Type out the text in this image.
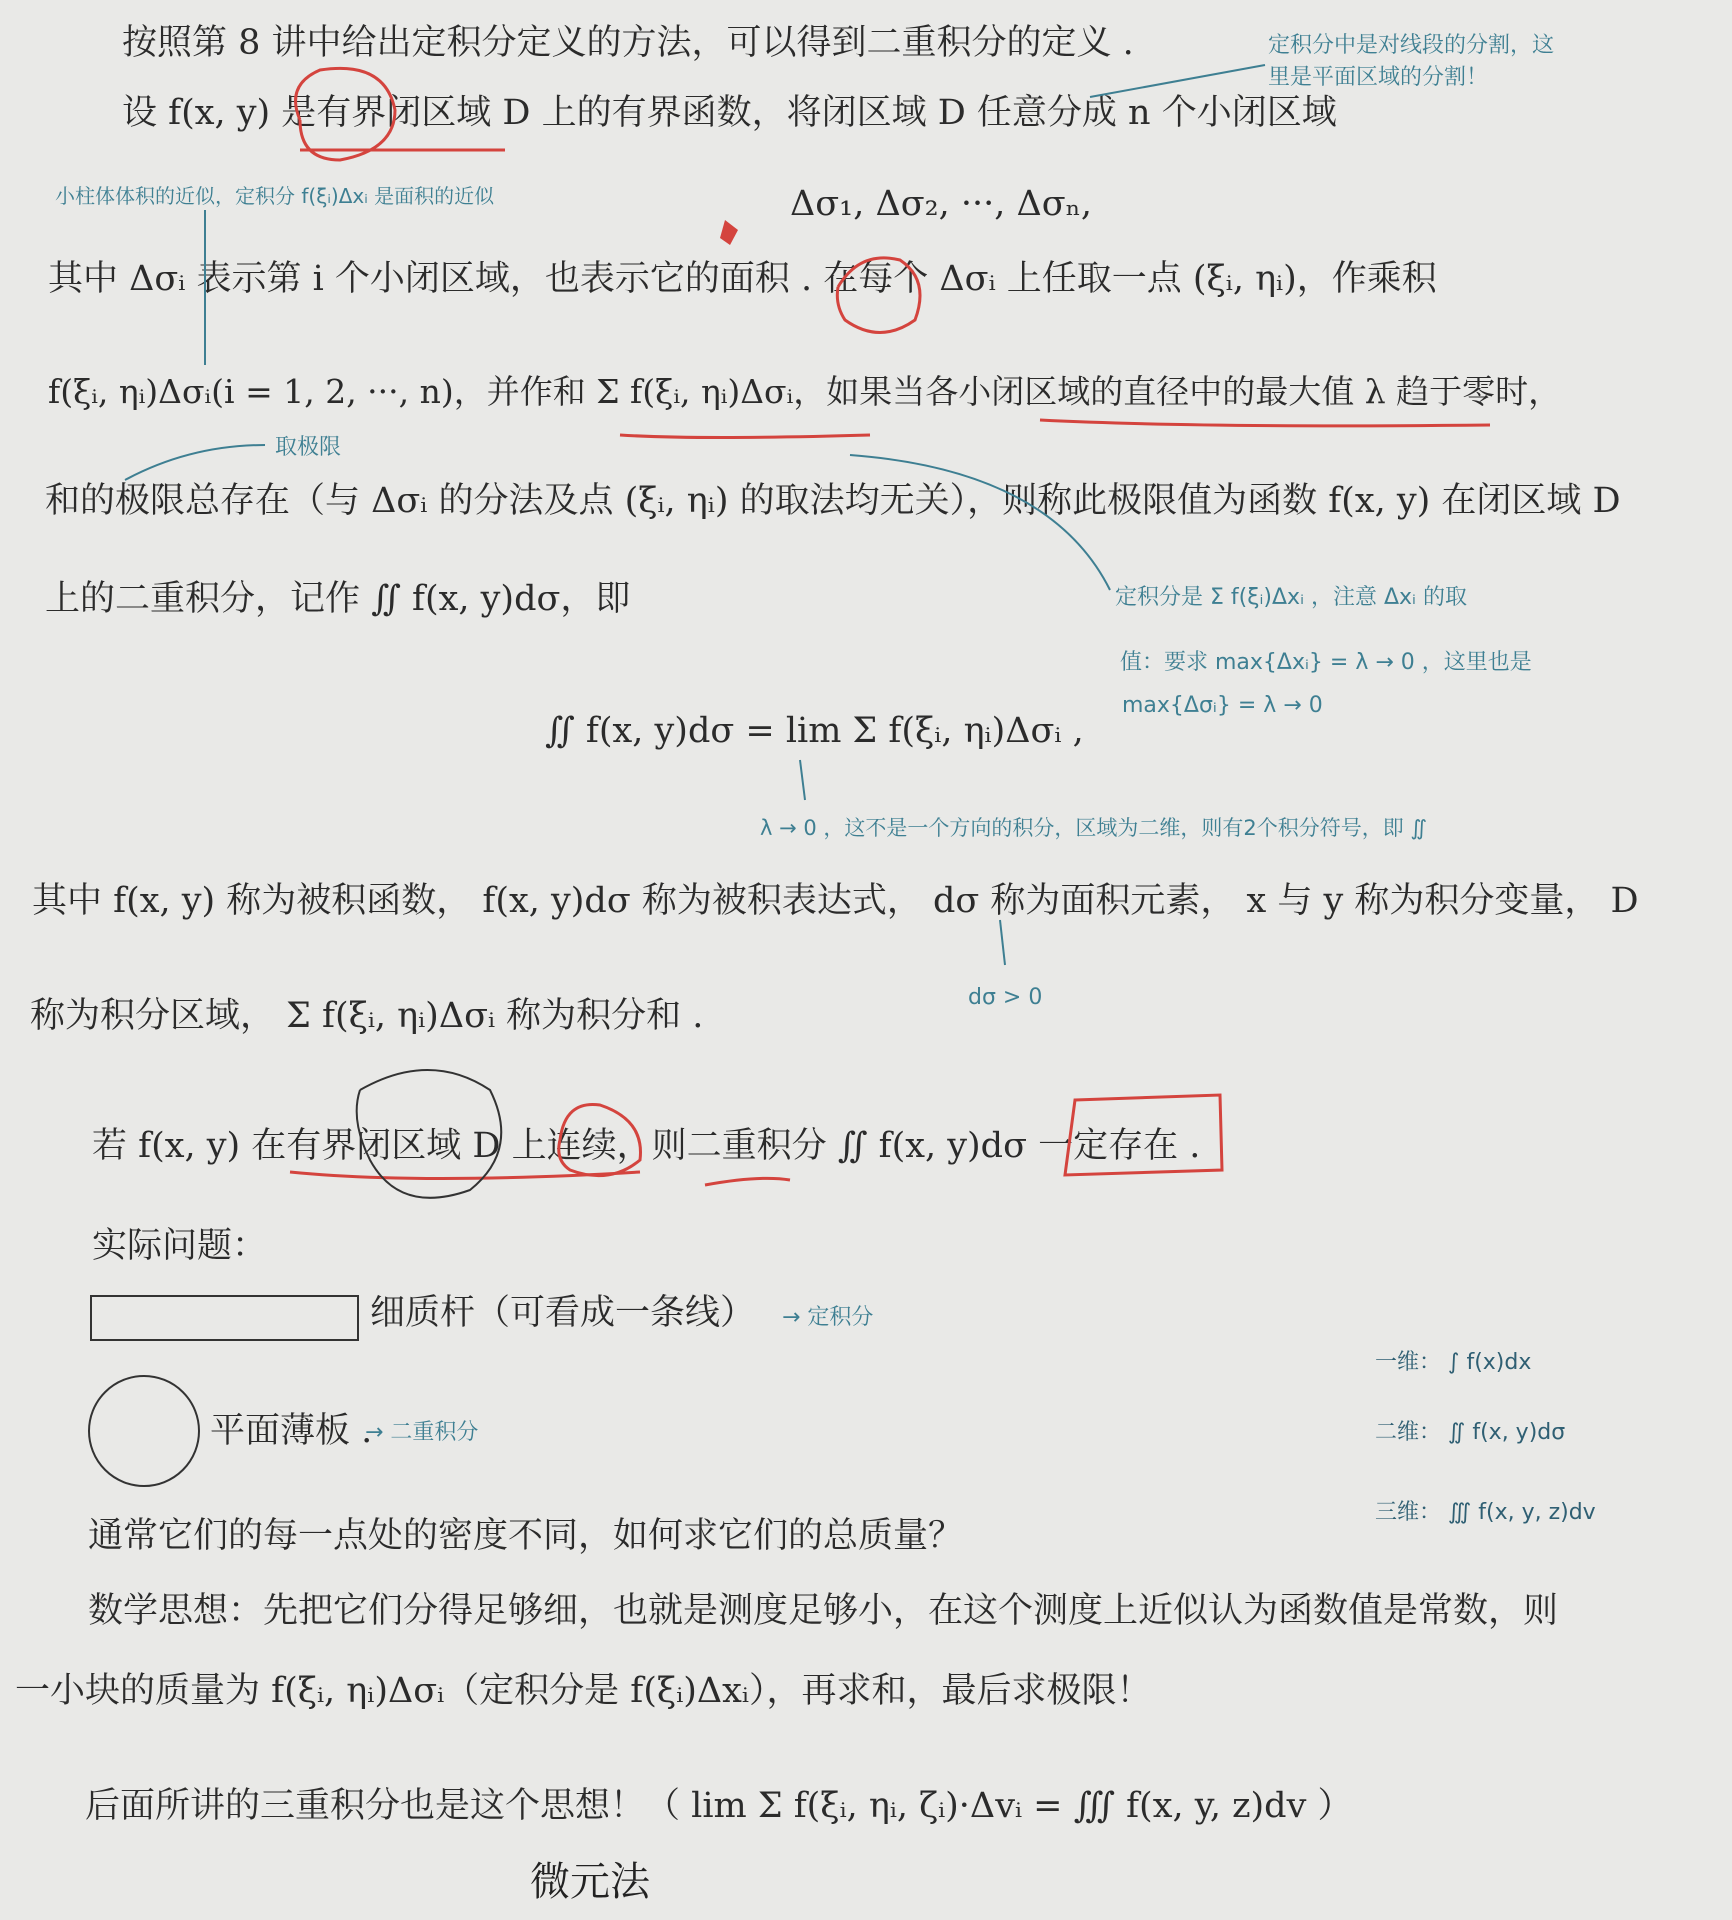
按照第 8 讲中给出定积分定义的方法，可以得到二重积分的定义 .
设 f(x, y) 是有界闭区域 D 上的有界函数，将闭区域 D 任意分成 n 个小闭区域
Δσ₁, Δσ₂, ···, Δσₙ,
其中 Δσᵢ 表示第 i 个小闭区域，也表示它的面积 . 在每个 Δσᵢ 上任取一点 (ξᵢ, ηᵢ)，作乘积
f(ξᵢ, ηᵢ)Δσᵢ(i = 1, 2, ···, n)，并作和 Σ f(ξᵢ, ηᵢ)Δσᵢ，如果当各小闭区域的直径中的最大值 λ 趋于零时，
和的极限总存在（与 Δσᵢ 的分法及点 (ξᵢ, ηᵢ) 的取法均无关），则称此极限值为函数 f(x, y) 在闭区域 D
上的二重积分，记作 ∬ f(x, y)dσ，即
∬ f(x, y)dσ = lim Σ f(ξᵢ, ηᵢ)Δσᵢ ,
其中 f(x, y) 称为被积函数， f(x, y)dσ 称为被积表达式， dσ 称为面积元素， x 与 y 称为积分变量， D
称为积分区域， Σ f(ξᵢ, ηᵢ)Δσᵢ 称为积分和 .
若 f(x, y) 在有界闭区域 D 上连续，则二重积分 ∬ f(x, y)dσ 一定存在 .
实际问题：
细质杆（可看成一条线）
平面薄板 .
通常它们的每一点处的密度不同，如何求它们的总质量？
数学思想：先把它们分得足够细，也就是测度足够小，在这个测度上近似认为函数值是常数，则
一小块的质量为 f(ξᵢ, ηᵢ)Δσᵢ（定积分是 f(ξᵢ)Δxᵢ），再求和，最后求极限！
后面所讲的三重积分也是这个思想！（ lim Σ f(ξᵢ, ηᵢ, ζᵢ)·Δvᵢ = ∭ f(x, y, z)dv ）
定积分中是对线段的分割，这
里是平面区域的分割！
小柱体体积的近似，定积分 f(ξᵢ)Δxᵢ 是面积的近似
取极限
定积分是 Σ f(ξᵢ)Δxᵢ ，注意 Δxᵢ 的取
值：要求 max{Δxᵢ} = λ → 0 ，这里也是
max{Δσᵢ} = λ → 0
λ → 0 ，这不是一个方向的积分，区域为二维，则有2个积分符号，即 ∬
dσ > 0
→ 定积分
→ 二重积分
一维： ∫ f(x)dx
二维： ∬ f(x, y)dσ
三维： ∭ f(x, y, z)dv
微元法
